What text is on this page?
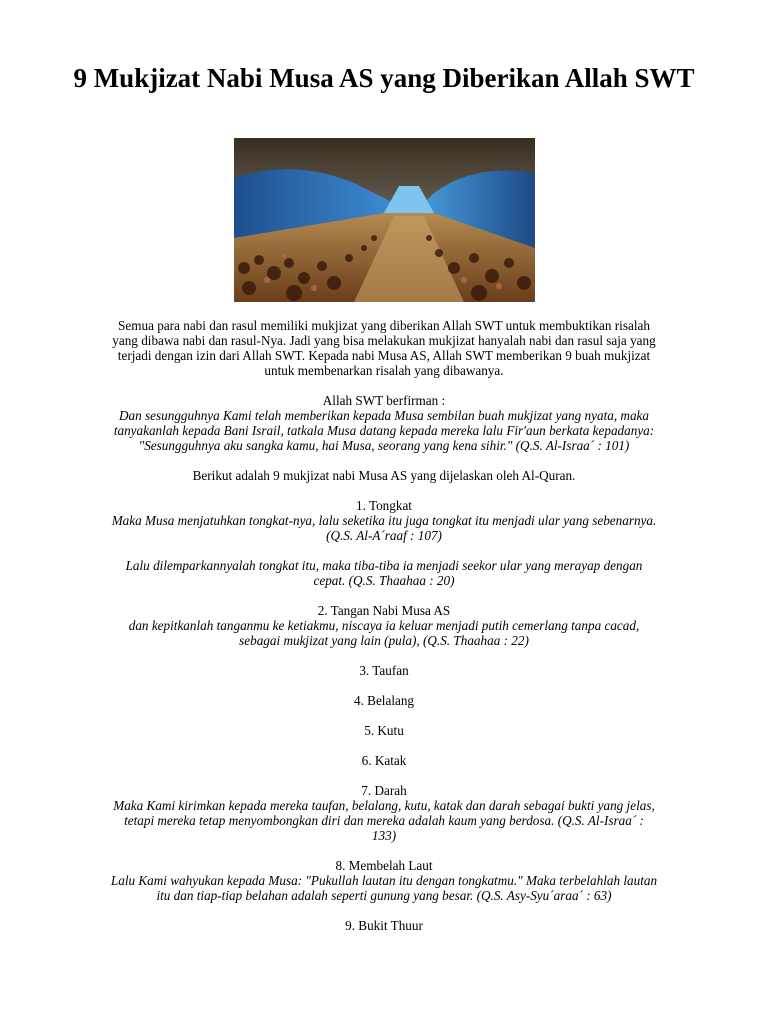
9 Mukjizat Nabi Musa AS yang Diberikan Allah SWT

Semua para nabi dan rasul memiliki mukjizat yang diberikan Allah SWT untuk membuktikan risalah
yang dibawa nabi dan rasul-Nya. Jadi yang bisa melakukan mukjizat hanyalah nabi dan rasul saja yang
terjadi dengan izin dari Allah SWT. Kepada nabi Musa AS, Allah SWT memberikan 9 buah mukjizat
untuk membenarkan risalah yang dibawanya.

Allah SWT berfirman :

Dan sesungguhnya Kami telah memberikan kepada Musa sembilan buah mukjizat yang nyata, maka
tanyakanlah kepada Bani Israil, tatkala Musa datang kepada mereka lalu Fir'aun berkata kepadanya:
"Sesungguhnya aku sangka kamu, hai Musa, seorang yang kena sihir." (Q.S. Al-Israa´ : 101)

Berikut adalah 9 mukjizat nabi Musa AS yang dijelaskan oleh Al-Quran.

1. Tongkat

Maka Musa menjatuhkan tongkat-nya, lalu seketika itu juga tongkat itu menjadi ular yang sebenarnya.
(Q.S. Al-A´raaf : 107)

Lalu dilemparkannyalah tongkat itu, maka tiba-tiba ia menjadi seekor ular yang merayap dengan
cepat. (Q.S. Thaahaa : 20)

2. Tangan Nabi Musa AS

dan kepitkanlah tanganmu ke ketiakmu, niscaya ia keluar menjadi putih cemerlang tanpa cacad,
sebagai mukjizat yang lain (pula), (Q.S. Thaahaa : 22)

3. Taufan

4. Belalang

5. Kutu

6. Katak

7. Darah

Maka Kami kirimkan kepada mereka taufan, belalang, kutu, katak dan darah sebagai bukti yang jelas,
tetapi mereka tetap menyombongkan diri dan mereka adalah kaum yang berdosa. (Q.S. Al-Israa´ :
133)

8. Membelah Laut

Lalu Kami wahyukan kepada Musa: "Pukullah lautan itu dengan tongkatmu." Maka terbelahlah lautan
itu dan tiap-tiap belahan adalah seperti gunung yang besar. (Q.S. Asy-Syu´araa´ : 63)

9. Bukit Thuur
